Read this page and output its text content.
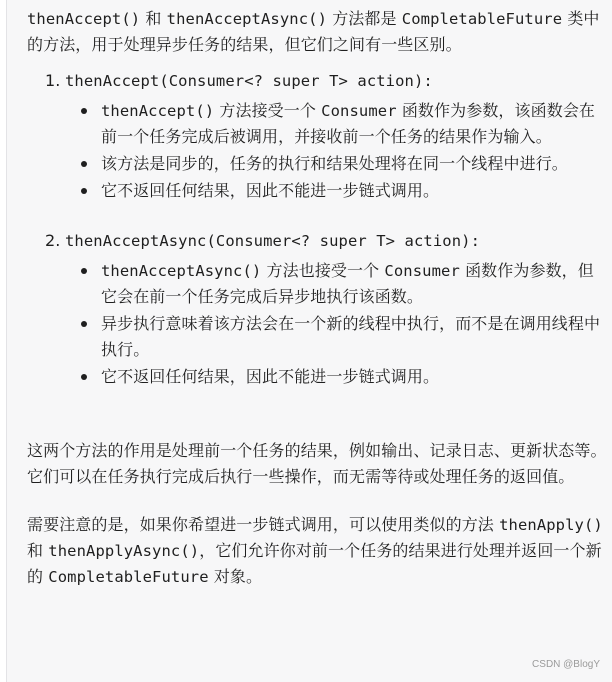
thenAccept() 和 thenAcceptAsync() 方法都是 CompletableFuture 类中的方法，用于处理异步任务的结果，但它们之间有一些区别。

1. thenAccept(Consumer<? super T> action):
thenAccept() 方法接受一个 Consumer 函数作为参数，该函数会在前一个任务完成后被调用，并接收前一个任务的结果作为输入。
该方法是同步的，任务的执行和结果处理将在同一个线程中进行。
它不返回任何结果，因此不能进一步链式调用。
2. thenAcceptAsync(Consumer<? super T> action):
thenAcceptAsync() 方法也接受一个 Consumer 函数作为参数，但它会在前一个任务完成后异步地执行该函数。
异步执行意味着该方法会在一个新的线程中执行，而不是在调用线程中执行。
它不返回任何结果，因此不能进一步链式调用。

这两个方法的作用是处理前一个任务的结果，例如输出、记录日志、更新状态等。它们可以在任务执行完成后执行一些操作，而无需等待或处理任务的返回值。

需要注意的是，如果你希望进一步链式调用，可以使用类似的方法 thenApply() 和 thenApplyAsync()，它们允许你对前一个任务的结果进行处理并返回一个新的 CompletableFuture 对象。

CSDN @BlogY
